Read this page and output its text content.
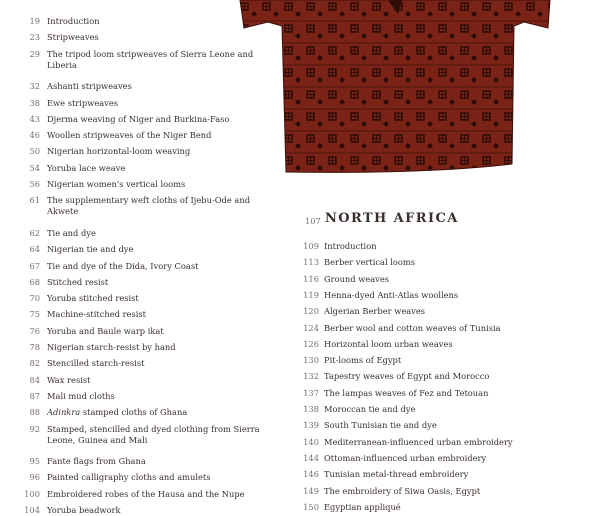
19 Introduction
23 Stripweaves
29 The tripod loom stripweaves of Sierra Leone and Liberia
32 Ashanti stripweaves
38 Ewe stripweaves
43 Djerma weaving of Niger and Burkina-Faso
46 Woollen stripweaves of the Niger Bend
50 Nigerian horizontal-loom weaving
54 Yoruba lace weave
56 Nigerian women's vertical looms
61 The supplementary weft cloths of Ijebu-Ode and Akwete
62 Tie and dye
64 Nigerian tie and dye
67 Tie and dye of the Dida, Ivory Coast
68 Stitched resist
70 Yoruba stitched resist
75 Machine-stitched resist
76 Yoruba and Baule warp ikat
78 Nigerian starch-resist by hand
82 Stencilled starch-resist
84 Wax resist
87 Mali mud cloths
88 Adinkra stamped cloths of Ghana
92 Stamped, stencilled and dyed clothing from Sierra Leone, Guinea and Mali
95 Fante flags from Ghana
96 Painted calligraphy cloths and amulets
100 Embroidered robes of the Hausa and the Nupe
104 Yoruba beadwork
109 Introduction
113 Berber vertical looms
116 Ground weaves
119 Henna-dyed Anti-Atlas woollens
120 Algerian Berber weaves
124 Berber wool and cotton weaves of Tunisia
126 Horizontal loom urban weaves
130 Pit-looms of Egypt
132 Tapestry weaves of Egypt and Morocco
137 The lampas weaves of Fez and Tetouan
138 Moroccan tie and dye
139 South Tunisian tie and dye
140 Mediterranean-influenced urban embroidery
144 Ottoman-influenced urban embroidery
146 Tunisian metal-thread embroidery
149 The embroidery of Siwa Oasis, Egypt
150 Egyptian appliqué
107 NORTH AFRICA
